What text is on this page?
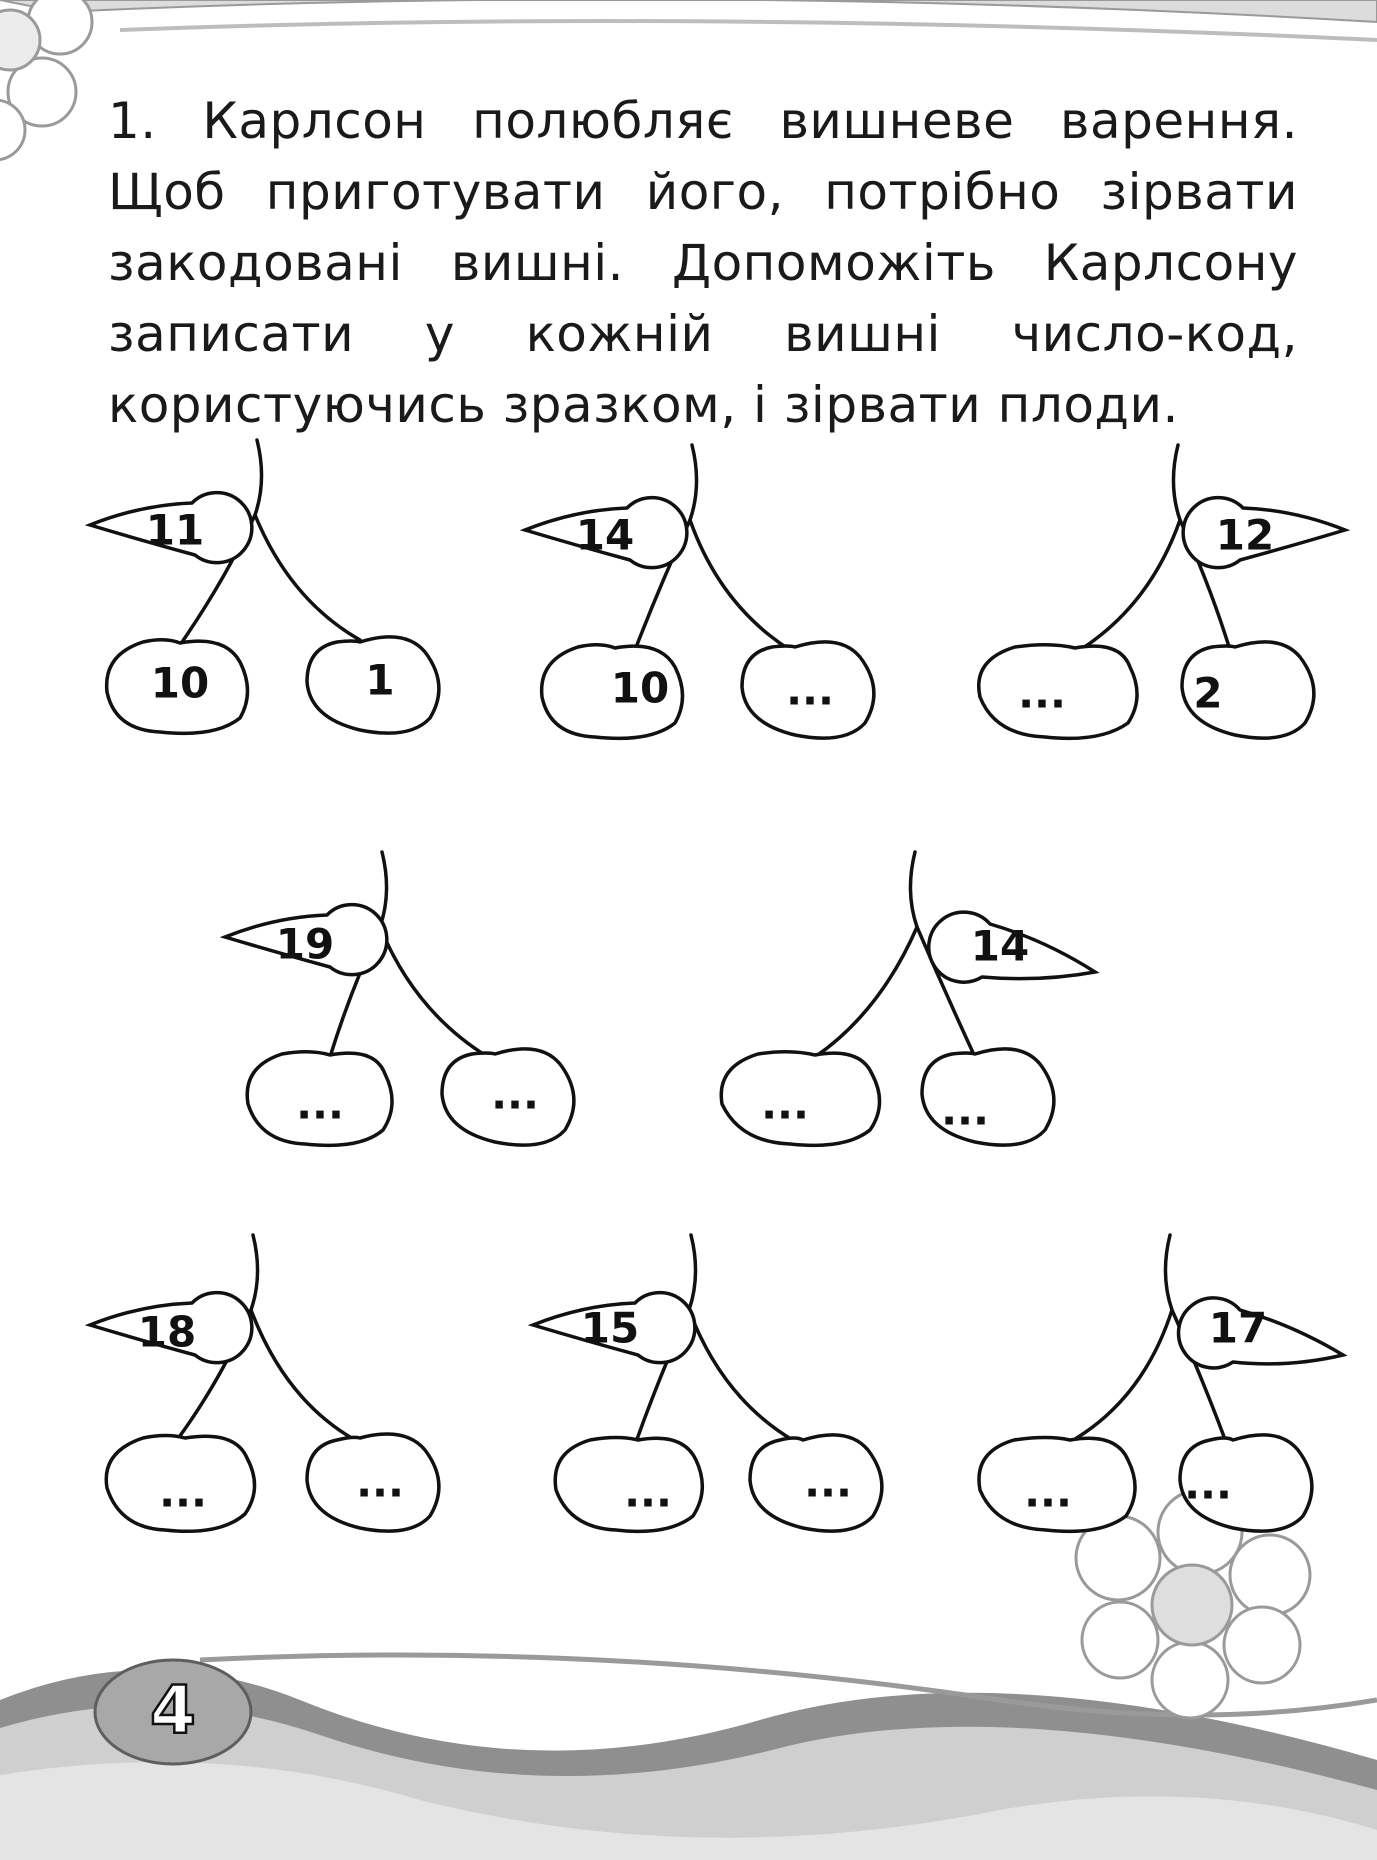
1. Карлсон полюбляє вишневе варення. Щоб приготувати його, потрібно зірвати закодовані вишні. Допоможіть Карлсону записати у кожній вишні число-код, користуючись зразком, і зірвати плоди.

11
10	1
14
10	...
12
...	2
19
...	...
14
...	...
18
...	...
15
...	...
17
...	...
4
